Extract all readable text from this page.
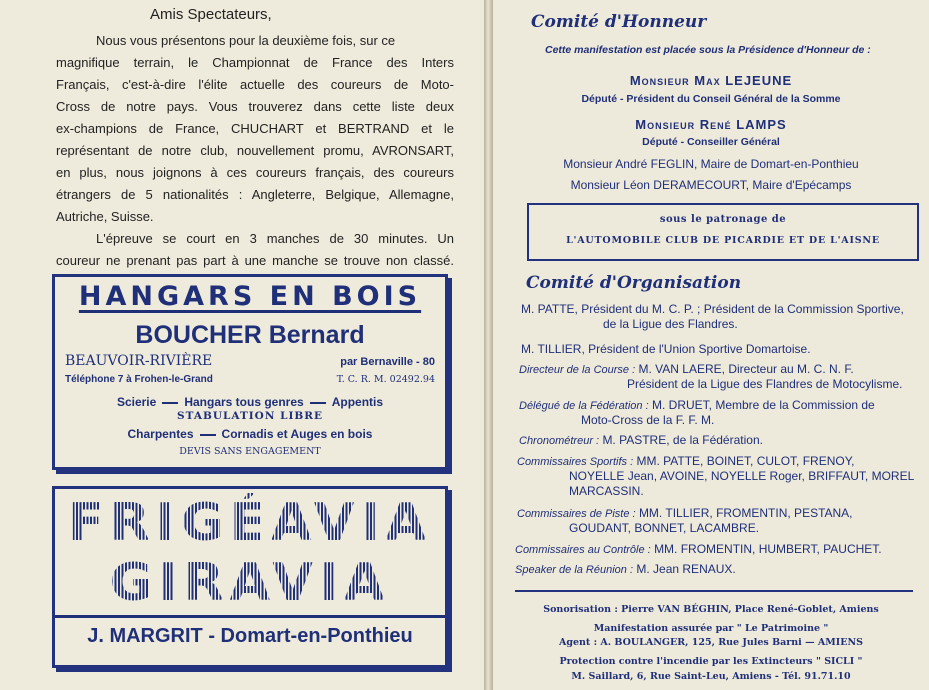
Amis Spectateurs,
Nous vous présentons pour la deuxième fois, sur ce
magnifique terrain, le Championnat de France des Inters
Français, c'est-à-dire l'élite actuelle des coureurs de Moto-
Cross de notre pays. Vous trouverez dans cette liste deux
ex-champions de France, CHUCHART et BERTRAND et le
représentant de notre club, nouvellement promu, AVRONSART,
en plus, nous joignons à ces coureurs français, des coureurs
étrangers de 5 nationalités : Angleterre, Belgique, Allemagne,
Autriche, Suisse.
L'épreuve se court en 3 manches de 30 minutes. Un
coureur ne prenant pas part à une manche se trouve non classé.
HANGARS EN BOIS
BOUCHER Bernard
BEAUVOIR-RIVIÈRE	par Bernaville - 80
Téléphone 7 à Frohen-le-Grand	T. C. R. M. 02492.94
Scierie Hangars tous genres Appentis
STABULATION LIBRE
Charpentes Cornadis et Auges en bois
DEVIS SANS ENGAGEMENT
FRIGÉAVIA
GIRAVIA
J. MARGRIT - Domart-en-Ponthieu
Comité d'Honneur
Cette manifestation est placée sous la Présidence d'Honneur de :
Monsieur Max LEJEUNE
Député - Président du Conseil Général de la Somme
Monsieur René LAMPS
Député - Conseiller Général
Monsieur André FEGLIN, Maire de Domart-en-Ponthieu
Monsieur Léon DERAMECOURT, Maire d'Epécamps
sous le patronage de
L'AUTOMOBILE CLUB DE PICARDIE ET DE L'AISNE
Comité d'Organisation
M. PATTE, Président du M. C. P. ; Président de la Commission Sportive,
de la Ligue des Flandres.
M. TILLIER, Président de l'Union Sportive Domartoise.
Directeur de la Course : M. VAN LAERE, Directeur au M. C. N. F.
Président de la Ligue des Flandres de Motocylisme.
Délégué de la Fédération : M. DRUET, Membre de la Commission de
Moto-Cross de la F. F. M.
Chronométreur : M. PASTRE, de la Fédération.
Commissaires Sportifs : MM. PATTE, BOINET, CULOT, FRENOY,
NOYELLE Jean, AVOINE, NOYELLE Roger, BRIFFAUT, MOREL
MARCASSIN.
Commissaires de Piste : MM. TILLIER, FROMENTIN, PESTANA,
GOUDANT, BONNET, LACAMBRE.
Commissaires au Contrôle : MM. FROMENTIN, HUMBERT, PAUCHET.
Speaker de la Réunion : M. Jean RENAUX.
Sonorisation : Pierre VAN BÉGHIN, Place René-Goblet, Amiens
Manifestation assurée par " Le Patrimoine "
Agent : A. BOULANGER, 125, Rue Jules Barni — AMIENS
Protection contre l'incendie par les Extincteurs " SICLI "
M. Saillard, 6, Rue Saint-Leu, Amiens - Tél. 91.71.10
